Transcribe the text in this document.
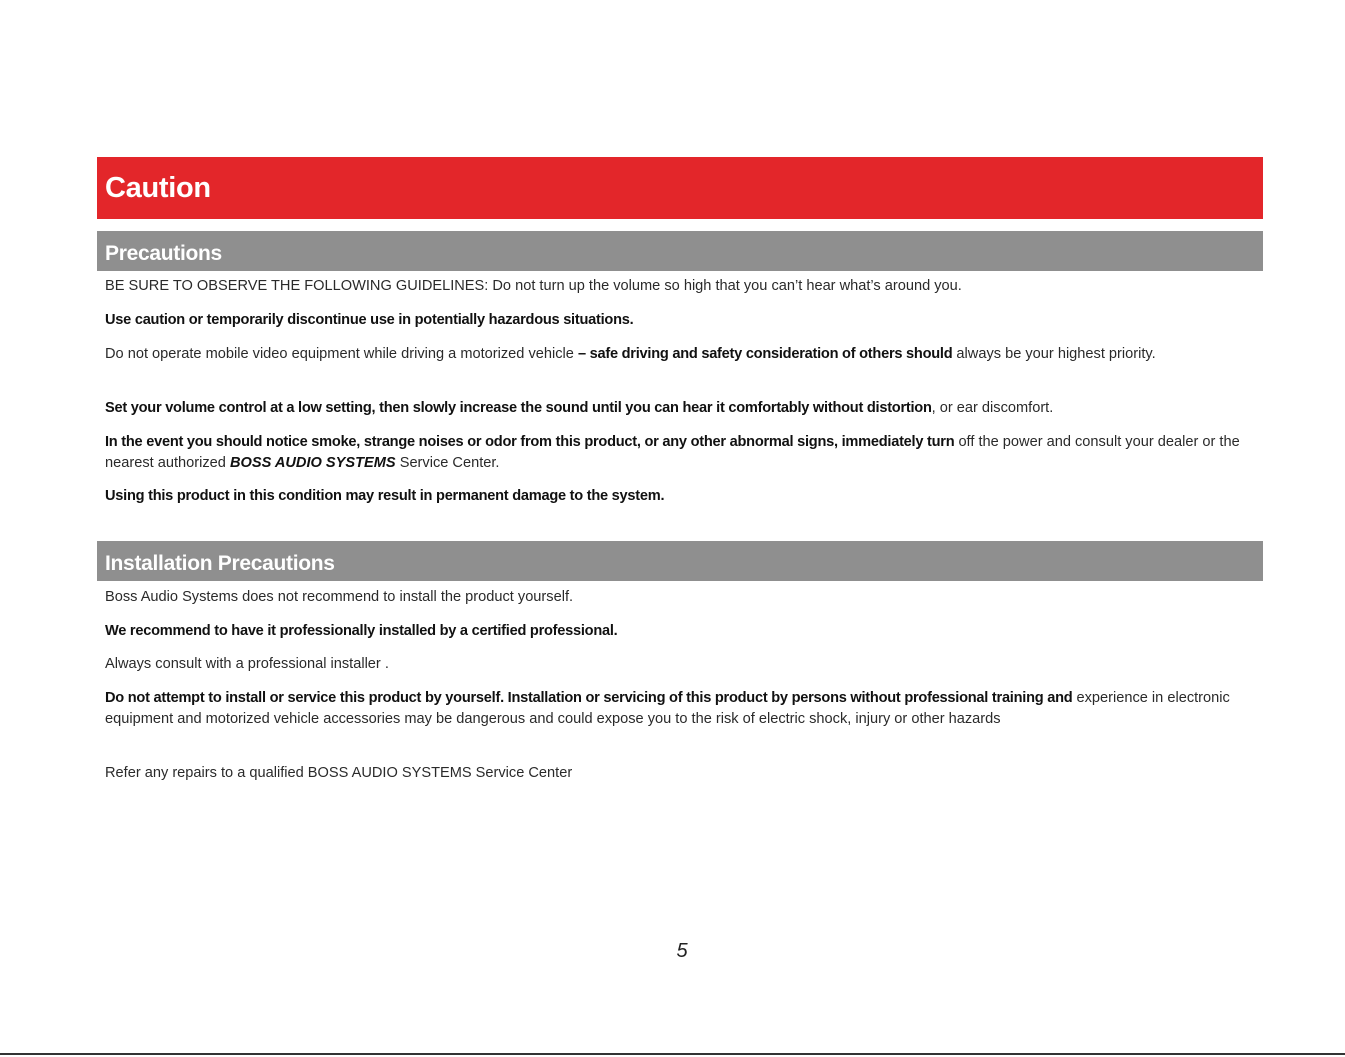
Caution
Precautions

BE SURE TO OBSERVE THE FOLLOWING GUIDELINES: Do not turn up the volume so high that you can’t hear what’s around you.

Use caution or temporarily discontinue use in potentially hazardous situations.

Do not operate mobile video equipment while driving a motorized vehicle – safe driving and safety consideration of others should always be your highest priority.

Set your volume control at a low setting, then slowly increase the sound until you can hear it comfortably without distortion, or ear discomfort.

In the event you should notice smoke, strange noises or odor from this product, or any other abnormal signs, immediately turn off the power and consult your dealer or the nearest authorized BOSS AUDIO SYSTEMS Service Center.

Using this product in this condition may result in permanent damage to the system.

Installation Precautions

Boss Audio Systems does not recommend to install the product yourself.

We recommend to have it professionally installed by a certified professional.

Always consult with a professional installer .

Do not attempt to install or service this product by yourself. Installation or servicing of this product by persons without professional training and experience in electronic equipment and motorized vehicle accessories may be dangerous and could expose you to the risk of electric shock, injury or other hazards

Refer any repairs to a qualified BOSS AUDIO SYSTEMS Service Center

5
